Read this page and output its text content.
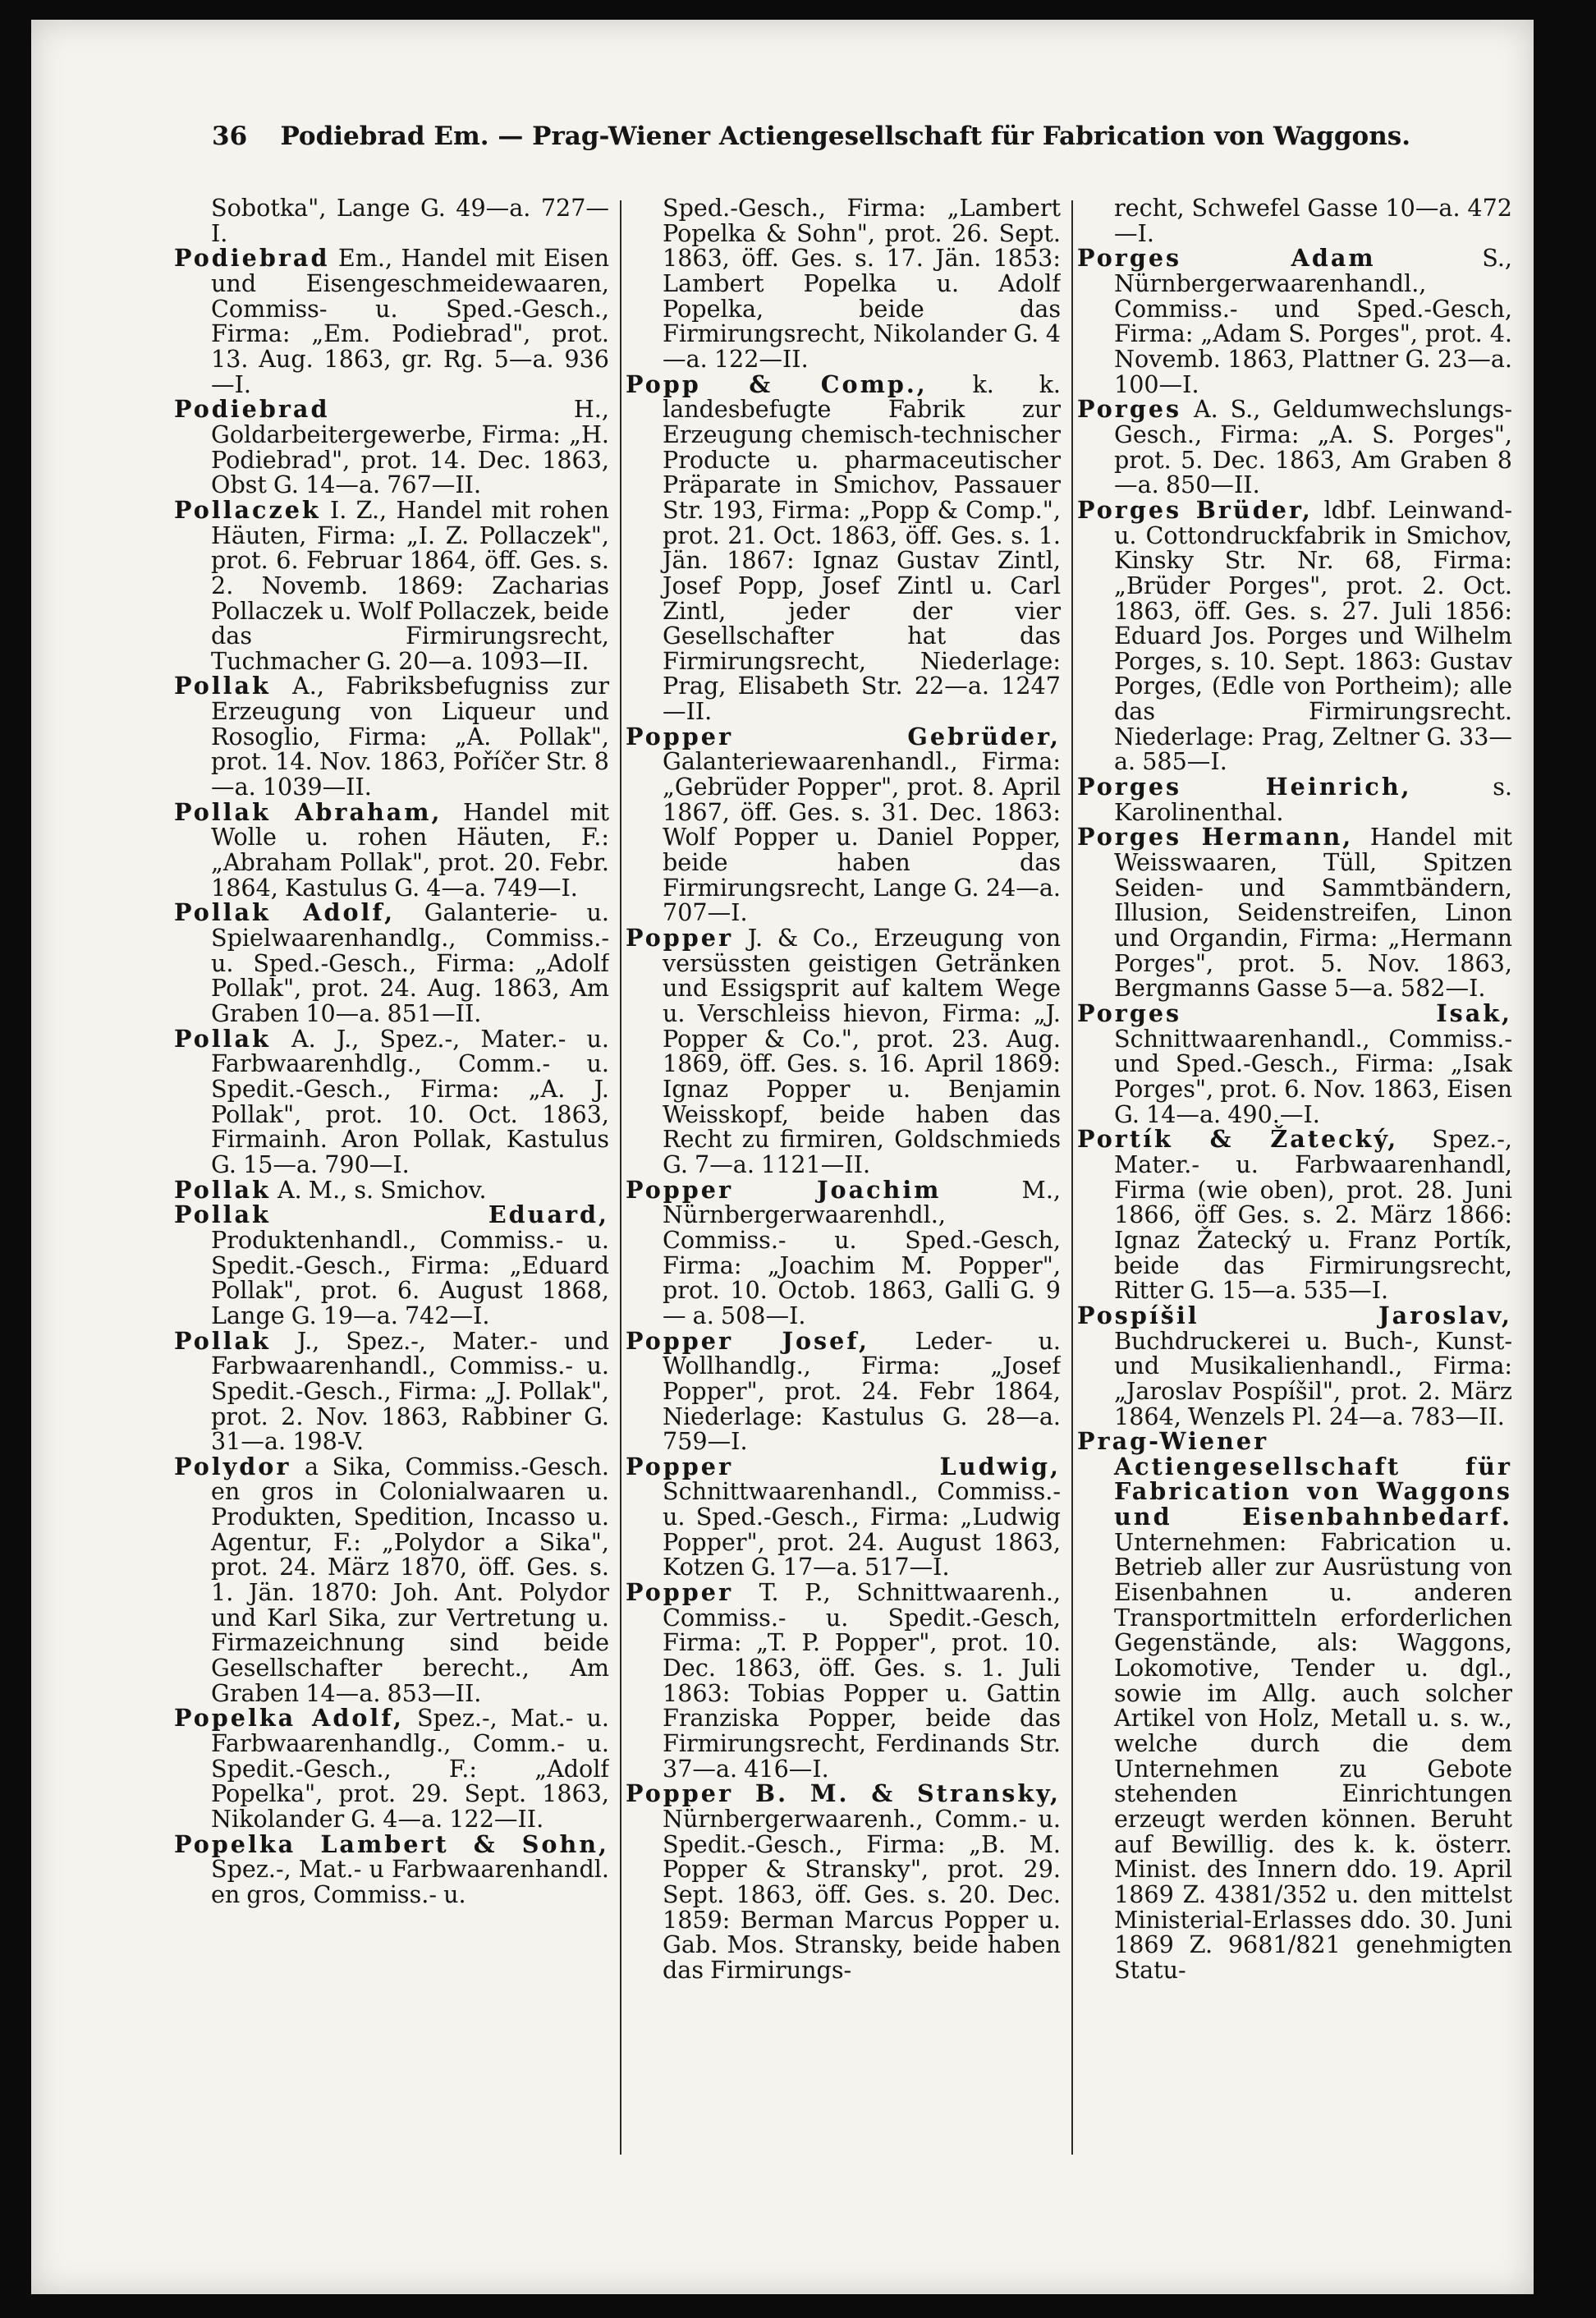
36	Podiebrad Em. — Prag-Wiener Actiengesellschaft für Fabrication von Waggons.

Sobotka", Lange G. 49—a. 727—I.

Podiebrad Em., Handel mit Eisen und Eisengeschmeidewaaren, Commiss- u. Sped.-Gesch., Firma: „Em. Podiebrad", prot. 13. Aug. 1863, gr. Rg. 5—a. 936—I.

Podiebrad	H., Goldarbeitergewerbe, Firma: „H. Podiebrad", prot. 14. Dec. 1863, Obst G. 14—a. 767—II.

Pollaczek I. Z., Handel mit rohen Häuten, Firma: „I. Z. Pollaczek", prot. 6. Februar 1864, öff. Ges. s. 2. Novemb. 1869: Zacharias Pollaczek u. Wolf Pollaczek, beide das Firmirungsrecht, Tuchmacher G. 20—a. 1093—II.

Pollak A., Fabriksbefugniss zur Erzeugung von Liqueur und Rosoglio, Firma: „A. Pollak", prot. 14. Nov. 1863, Poříčer Str. 8—a. 1039—II.

Pollak Abraham, Handel mit Wolle u. rohen Häuten, F.: „Abraham Pollak", prot. 20. Febr. 1864, Kastulus G. 4—a. 749—I.

Pollak Adolf, Galanterie- u. Spielwaarenhandlg., Commiss.- u. Sped.-Gesch., Firma: „Adolf Pollak", prot. 24. Aug. 1863, Am Graben 10—a. 851—II.

Pollak A. J., Spez.-, Mater.- u. Farbwaarenhdlg., Comm.- u. Spedit.-Gesch., Firma: „A. J. Pollak", prot. 10. Oct. 1863, Firmainh. Aron Pollak, Kastulus G. 15—a. 790—I.

Pollak A. M., s. Smichov.

Pollak Eduard, Produktenhandl., Commiss.- u. Spedit.-Gesch., Firma: „Eduard Pollak", prot. 6. August 1868, Lange G. 19—a. 742—I.

Pollak J., Spez.-, Mater.- und Farbwaarenhandl., Commiss.- u. Spedit.-Gesch., Firma: „J. Pollak", prot. 2. Nov. 1863, Rabbiner G. 31—a. 198-V.

Polydor a Sika, Commiss.-Gesch. en gros in Colonialwaaren u. Produkten, Spedition, Incasso u. Agentur, F.: „Polydor a Sika", prot. 24. März 1870, öff. Ges. s. 1. Jän. 1870: Joh. Ant. Polydor und Karl Sika, zur Vertretung u. Firmazeichnung sind beide Gesellschafter berecht., Am Graben 14—a. 853—II.

Popelka Adolf, Spez.-, Mat.- u. Farbwaarenhandlg., Comm.- u. Spedit.-Gesch., F.: „Adolf Popelka", prot. 29. Sept. 1863, Nikolander G. 4—a. 122—II.

Popelka Lambert & Sohn, Spez.-, Mat.- u Farbwaarenhandl. en gros, Commiss.- u.

Sped.-Gesch., Firma: „Lambert Popelka & Sohn", prot. 26. Sept. 1863, öff. Ges. s. 17. Jän. 1853: Lambert Popelka u. Adolf Popelka, beide das Firmirungsrecht, Nikolander G. 4—a. 122—II.

Popp & Comp., k. k. landesbefugte Fabrik zur Erzeugung chemisch-technischer Producte u. pharmaceutischer Präparate in Smichov, Passauer Str. 193, Firma: „Popp & Comp.", prot. 21. Oct. 1863, öff. Ges. s. 1. Jän. 1867: Ignaz Gustav Zintl, Josef Popp, Josef Zintl u. Carl Zintl, jeder der vier Gesellschafter hat das Firmirungsrecht, Niederlage: Prag, Elisabeth Str. 22—a. 1247—II.

Popper Gebrüder, Galanteriewaarenhandl., Firma: „Gebrüder Popper", prot. 8. April 1867, öff. Ges. s. 31. Dec. 1863: Wolf Popper u. Daniel Popper, beide haben das Firmirungsrecht, Lange G. 24—a. 707—I.

Popper J. & Co., Erzeugung von versüssten geistigen Getränken und Essigsprit auf kaltem Wege u. Verschleiss hievon, Firma: „J. Popper & Co.", prot. 23. Aug. 1869, öff. Ges. s. 16. April 1869: Ignaz Popper u. Benjamin Weisskopf, beide haben das Recht zu firmiren, Goldschmieds G. 7—a. 1121—II.

Popper Joachim	M., Nürnbergerwaarenhdl., Commiss.- u. Sped.-Gesch, Firma: „Joachim M. Popper", prot. 10. Octob. 1863, Galli G. 9 — a. 508—I.

Popper Josef, Leder- u. Wollhandlg., Firma: „Josef Popper", prot. 24. Febr 1864, Niederlage: Kastulus G. 28—a. 759—I.

Popper Ludwig, Schnittwaarenhandl., Commiss.- u. Sped.-Gesch., Firma: „Ludwig Popper", prot. 24. August 1863, Kotzen G. 17—a. 517—I.

Popper T. P., Schnittwaarenh., Commiss.- u. Spedit.-Gesch, Firma: „T. P. Popper", prot. 10. Dec. 1863, öff. Ges. s. 1. Juli 1863: Tobias Popper u. Gattin Franziska Popper, beide das Firmirungsrecht, Ferdinands Str. 37—a. 416—I.

Popper B. M. & Stransky, Nürnbergerwaarenh., Comm.- u. Spedit.-Gesch., Firma: „B. M. Popper & Stransky", prot. 29. Sept. 1863, öff. Ges. s. 20. Dec. 1859: Berman Marcus Popper u. Gab. Mos. Stransky, beide haben das Firmirungs-

recht, Schwefel Gasse 10—a. 472—I.

Porges Adam	S., Nürnbergerwaarenhandl., Commiss.- und Sped.-Gesch, Firma: „Adam S. Porges", prot. 4. Novemb. 1863, Plattner G. 23—a. 100—I.

Porges A. S., Geldumwechslungs-Gesch., Firma: „A. S. Porges", prot. 5. Dec. 1863, Am Graben 8—a. 850—II.

Porges Brüder, ldbf. Leinwand- u. Cottondruckfabrik in Smichov, Kinsky Str. Nr. 68, Firma: „Brüder Porges", prot. 2. Oct. 1863, öff. Ges. s. 27. Juli 1856: Eduard Jos. Porges und Wilhelm Porges, s. 10. Sept. 1863: Gustav Porges, (Edle von Portheim); alle das Firmirungsrecht. Niederlage: Prag, Zeltner G. 33—a. 585—I.

Porges Heinrich,	s. Karolinenthal.

Porges Hermann, Handel mit Weisswaaren, Tüll, Spitzen Seiden- und Sammtbändern, Illusion, Seidenstreifen, Linon und Organdin, Firma: „Hermann Porges", prot. 5. Nov. 1863, Bergmanns Gasse 5—a. 582—I.

Porges Isak, Schnittwaarenhandl., Commiss.- und Sped.-Gesch., Firma: „Isak Porges", prot. 6. Nov. 1863, Eisen G. 14—a. 490.—I.

Portík & Žatecký, Spez.-, Mater.- u. Farbwaarenhandl, Firma (wie oben), prot. 28. Juni 1866, öff Ges. s. 2. März 1866: Ignaz Žatecký u. Franz Portík, beide das Firmirungsrecht, Ritter G. 15—a. 535—I.

Pospíšil Jaroslav, Buchdruckerei u. Buch-, Kunst- und Musikalienhandl., Firma: „Jaroslav Pospíšil", prot. 2. März 1864, Wenzels Pl. 24—a. 783—II.

Prag-Wiener Actiengesellschaft für Fabrication von Waggons und Eisenbahnbedarf. Unternehmen: Fabrication u. Betrieb aller zur Ausrüstung von Eisenbahnen u. anderen Transportmitteln erforderlichen Gegenstände, als: Waggons, Lokomotive, Tender u. dgl., sowie im Allg. auch solcher Artikel von Holz, Metall u. s. w., welche durch die dem Unternehmen zu Gebote stehenden Einrichtungen erzeugt werden können. Beruht auf Bewillig. des k. k. österr. Minist. des Innern ddo. 19. April 1869 Z. 4381/352 u. den mittelst Ministerial-Erlasses ddo. 30. Juni 1869 Z. 9681/821 genehmigten Statu-
